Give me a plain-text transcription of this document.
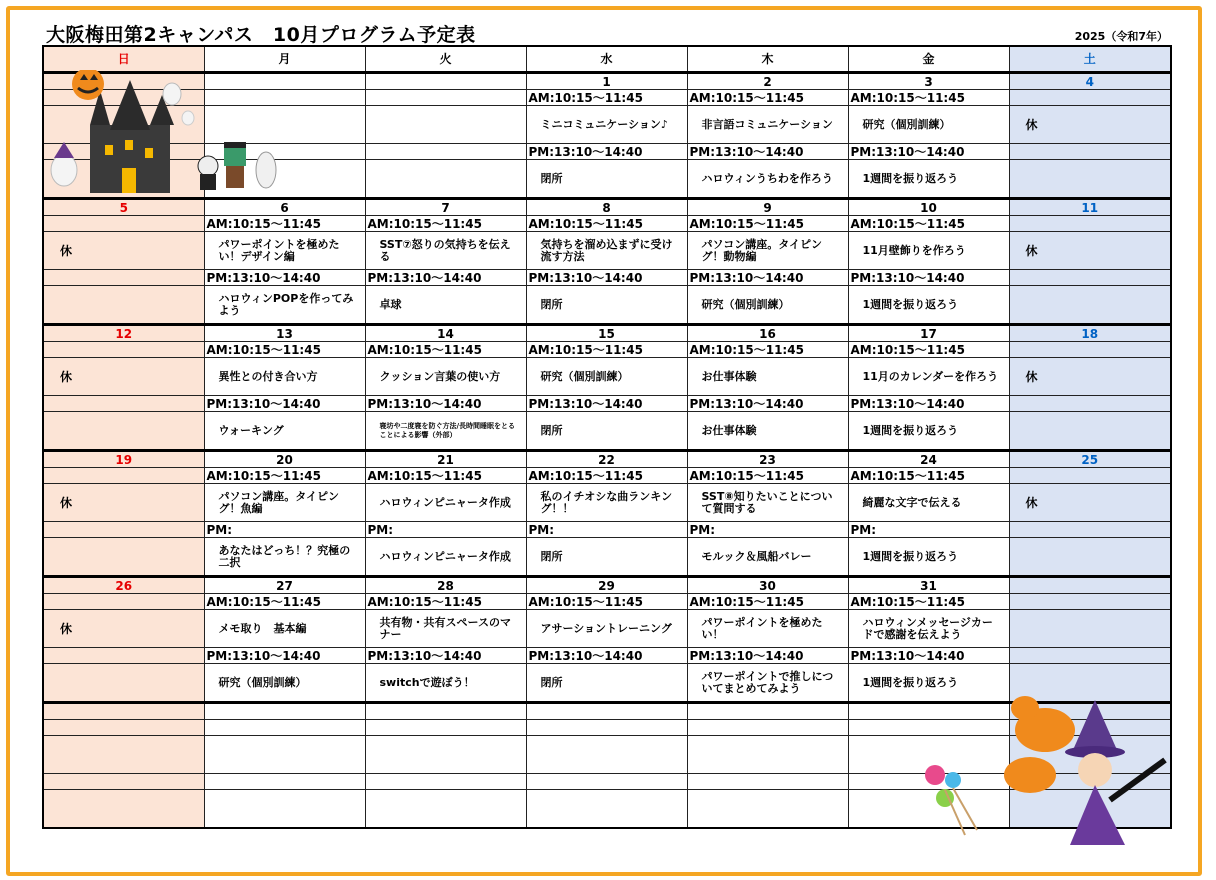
大阪梅田第2キャンパス　10月プログラム予定表	2025（令和7年）
日	月	火	水	木	金	土
			1	2	3	4
			AM:10:15～11:45	AM:10:15～11:45	AM:10:15～11:45	
			ミニコミュニケーション♪	非言語コミュニケーション	研究（個別訓練）	休
			PM:13:10～14:40	PM:13:10～14:40	PM:13:10～14:40	
			閉所	ハロウィンうちわを作ろう	1週間を振り返ろう	
5	6	7	8	9	10	11
	AM:10:15～11:45	AM:10:15～11:45	AM:10:15～11:45	AM:10:15～11:45	AM:10:15～11:45	
休	パワーポイントを極めたい！デザイン編	SST⑦怒りの気持ちを伝える	気持ちを溜め込まずに受け流す方法	パソコン講座。タイピング！動物編	11月壁飾りを作ろう	休
	PM:13:10～14:40	PM:13:10～14:40	PM:13:10～14:40	PM:13:10～14:40	PM:13:10～14:40	
	ハロウィンPOPを作ってみよう	卓球	閉所	研究（個別訓練）	1週間を振り返ろう	
12	13	14	15	16	17	18
	AM:10:15～11:45	AM:10:15～11:45	AM:10:15～11:45	AM:10:15～11:45	AM:10:15～11:45	
休	異性との付き合い方	クッション言葉の使い方	研究（個別訓練）	お仕事体験	11月のカレンダーを作ろう	休
	PM:13:10～14:40	PM:13:10～14:40	PM:13:10～14:40	PM:13:10～14:40	PM:13:10～14:40	
	ウォーキング	寝坊や二度寝を防ぐ方法/長時間睡眠をとることによる影響（外部）	閉所	お仕事体験	1週間を振り返ろう	
19	20	21	22	23	24	25
	AM:10:15～11:45	AM:10:15～11:45	AM:10:15～11:45	AM:10:15～11:45	AM:10:15～11:45	
休	パソコン講座。タイピング！魚編	ハロウィンピニャータ作成	私のイチオシな曲ランキング！！	SST⑧知りたいことについて質問する	綺麗な文字で伝える	休
	PM:	PM:	PM:	PM:	PM:	
	あなたはどっち！？究極の二択	ハロウィンピニャータ作成	閉所	モルック＆風船バレー	1週間を振り返ろう	
26	27	28	29	30	31	
	AM:10:15～11:45	AM:10:15～11:45	AM:10:15～11:45	AM:10:15～11:45	AM:10:15～11:45	
休	メモ取り　基本編	共有物・共有スペースのマナー	アサーショントレーニング	パワーポイントを極めたい！	ハロウィンメッセージカードで感謝を伝えよう	
	PM:13:10～14:40	PM:13:10～14:40	PM:13:10～14:40	PM:13:10～14:40	PM:13:10～14:40	
	研究（個別訓練）	switchで遊ぼう！	閉所	パワーポイントで推しについてまとめてみよう	1週間を振り返ろう	
